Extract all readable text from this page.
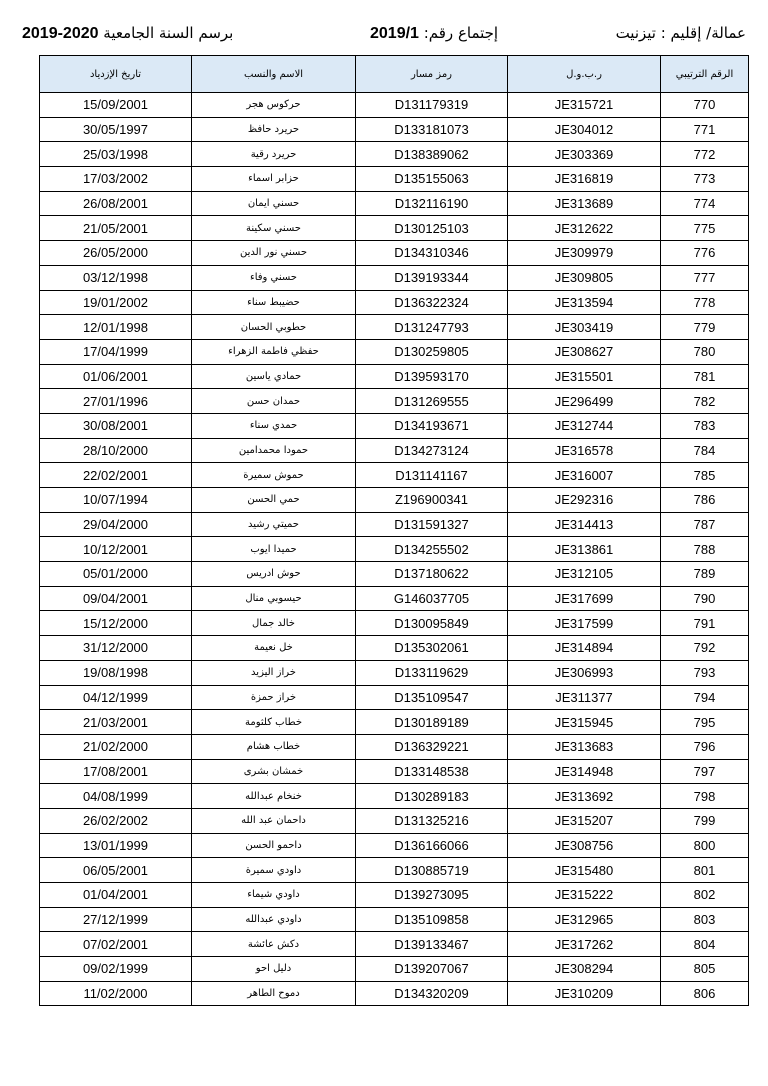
برسم السنة الجامعية 2020-2019	إجتماع رقم: 2019/1	عمالة/ إقليم : تيزنيت
الرقم الترتيبي	ر.ب.و.ل	رمز مسار	الاسم والنسب	تاريخ الإزدياد
770	JE315721	D131179319	حركوس هجر	15/09/2001
771	JE304012	D133181073	حريرد حافظ	30/05/1997
772	JE303369	D138389062	حريرد رقية	25/03/1998
773	JE316819	D135155063	حزابر اسماء	17/03/2002
774	JE313689	D132116190	حسني ايمان	26/08/2001
775	JE312622	D130125103	حسني سكينة	21/05/2001
776	JE309979	D134310346	حسني نور الدين	26/05/2000
777	JE309805	D139193344	حسني وفاء	03/12/1998
778	JE313594	D136322324	حضيبط سناء	19/01/2002
779	JE303419	D131247793	حطوبي الحسان	12/01/1998
780	JE308627	D130259805	حفظي فاطمة الزهراء	17/04/1999
781	JE315501	D139593170	حمادي ياسين	01/06/2001
782	JE296499	D131269555	حمدان حسن	27/01/1996
783	JE312744	D134193671	حمدي سناء	30/08/2001
784	JE316578	D134273124	حمودا محمدامين	28/10/2000
785	JE316007	D131141167	حموش سميرة	22/02/2001
786	JE292316	Z196900341	حمي الحسن	10/07/1994
787	JE314413	D131591327	حميتي رشيد	29/04/2000
788	JE313861	D134255502	حميدا ايوب	10/12/2001
789	JE312105	D137180622	حوش ادريس	05/01/2000
790	JE317699	G146037705	حيسوبي منال	09/04/2001
791	JE317599	D130095849	خالد جمال	15/12/2000
792	JE314894	D135302061	خل نعيمة	31/12/2000
793	JE306993	D133119629	خراز اليزيد	19/08/1998
794	JE311377	D135109547	خراز حمزة	04/12/1999
795	JE315945	D130189189	خطاب كلثومة	21/03/2001
796	JE313683	D136329221	خطاب هشام	21/02/2000
797	JE314948	D133148538	خمشان بشرى	17/08/2001
798	JE313692	D130289183	خنخام عبدالله	04/08/1999
799	JE315207	D131325216	داحمان عبد الله	26/02/2002
800	JE308756	D136166066	داحمو الحسن	13/01/1999
801	JE315480	D130885719	داودي سميرة	06/05/2001
802	JE315222	D139273095	داودي شيماء	01/04/2001
803	JE312965	D135109858	داودي عبدالله	27/12/1999
804	JE317262	D139133467	دكش عائشة	07/02/2001
805	JE308294	D139207067	دليل احو	09/02/1999
806	JE310209	D134320209	دموح الطاهر	11/02/2000
